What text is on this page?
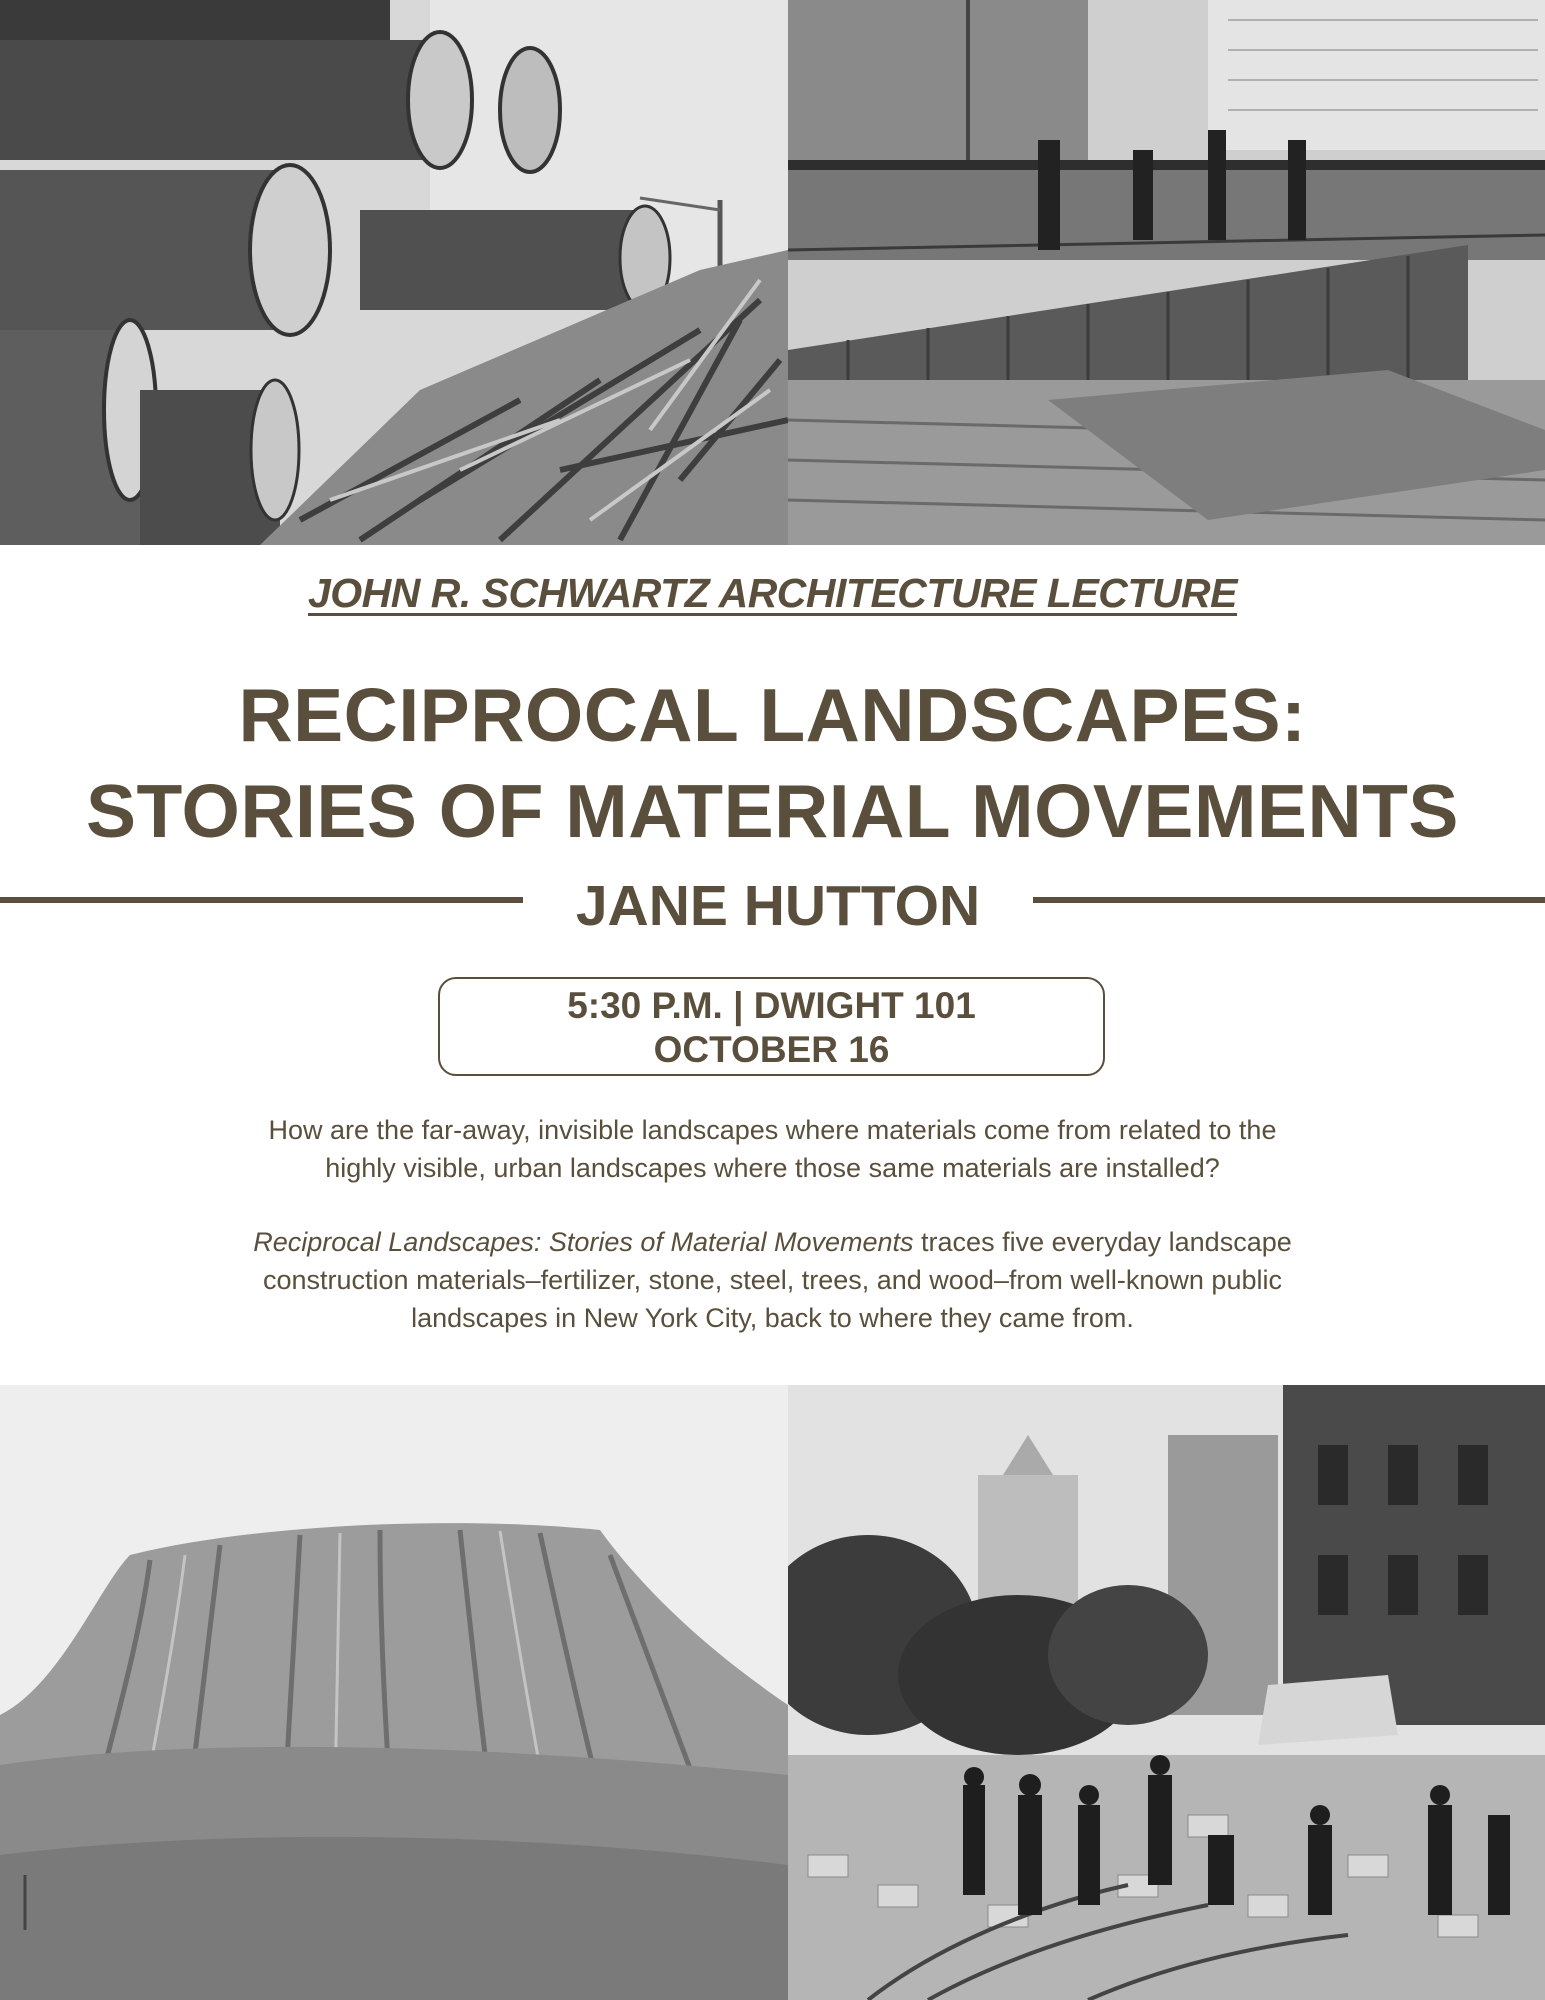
JOHN R. SCHWARTZ ARCHITECTURE LECTURE
RECIPROCAL LANDSCAPES:
STORIES OF MATERIAL MOVEMENTS
JANE HUTTON
5:30 P.M. | DWIGHT 101
OCTOBER 16
How are the far-away, invisible landscapes where materials come from related to the
highly visible, urban landscapes where those same materials are installed?
Reciprocal Landscapes: Stories of Material Movements traces five everyday landscape
construction materials–fertilizer, stone, steel, trees, and wood–from well-known public
landscapes in New York City, back to where they came from.
